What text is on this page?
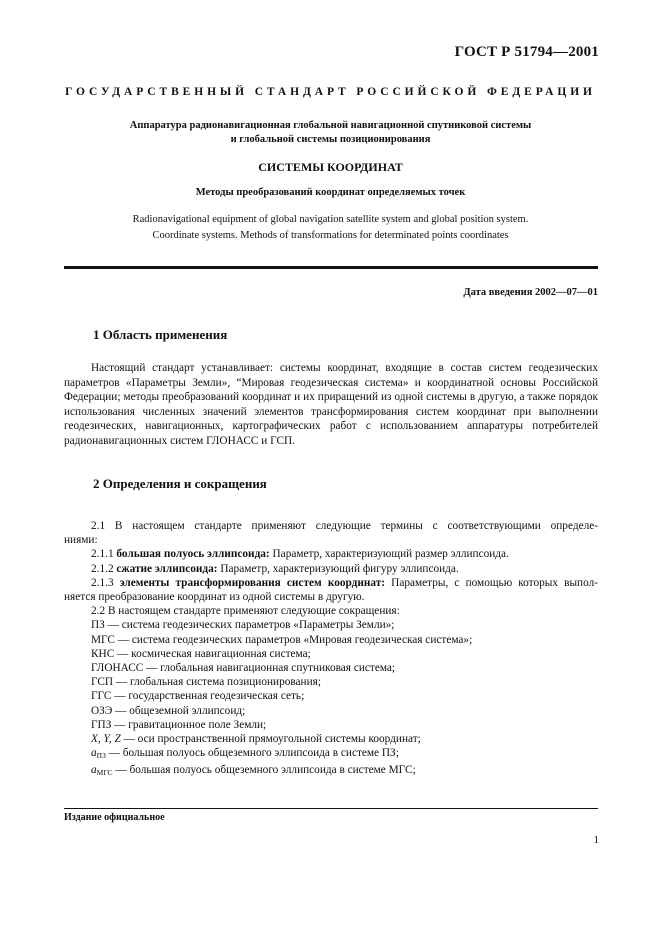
ГОСТ Р 51794—2001
ГОСУДАРСТВЕННЫЙ СТАНДАРТ РОССИЙСКОЙ ФЕДЕРАЦИИ
Аппаратура радионавигационная глобальной навигационной спутниковой системы
и глобальной системы позиционирования
СИСТЕМЫ КООРДИНАТ
Методы преобразований координат определяемых точек
Radionavigational equipment of global navigation satellite system and global position system.
Coordinate systems. Methods of transformations for determinated points coordinates
Дата введения 2002—07—01
1 Область применения

Настоящий стандарт устанавливает: системы координат, входящие в состав систем геодезических параметров «Параметры Земли», “Мировая геодезическая система» и координатной основы Российской Федерации; методы преобразований координат и их приращений из одной системы в другую, а также порядок использования численных значений элементов трансформирования систем координат при выполнении геодезических, навигационных, картографических работ с использованием аппаратуры потребителей радионавигационных систем ГЛОНАСС и ГСП.

2 Определения и сокращения
2.1 В настоящем стандарте применяют следующие термины с соответствующими определе-
ниями:
2.1.1 большая полуось эллипсоида: Параметр, характеризующий размер эллипсоида.
2.1.2 сжатие эллипсоида: Параметр, характеризующий фигуру эллипсоида.
2.1.3 элементы трансформирования систем координат: Параметры, с помощью которых выпол-
няется преобразование координат из одной системы в другую.
2.2 В настоящем стандарте применяют следующие сокращения:
ПЗ — система геодезических параметров «Параметры Земли»;
МГС — система геодезических параметров «Мировая геодезическая система»;
КНС — космическая навигационная система;
ГЛОНАСС — глобальная навигационная спутниковая система;
ГСП — глобальная система позиционирования;
ГГС — государственная геодезическая сеть;
ОЗЭ — общеземной эллипсоид;
ГПЗ — гравитационное поле Земли;
X, Y, Z — оси пространственной прямоугольной системы координат;
$a_{ПЗ}$ — большая полуось общеземного эллипсоида в системе ПЗ;
$a_{МГС}$ — большая полуось общеземного эллипсоида в системе МГС;
Издание официальное
1
